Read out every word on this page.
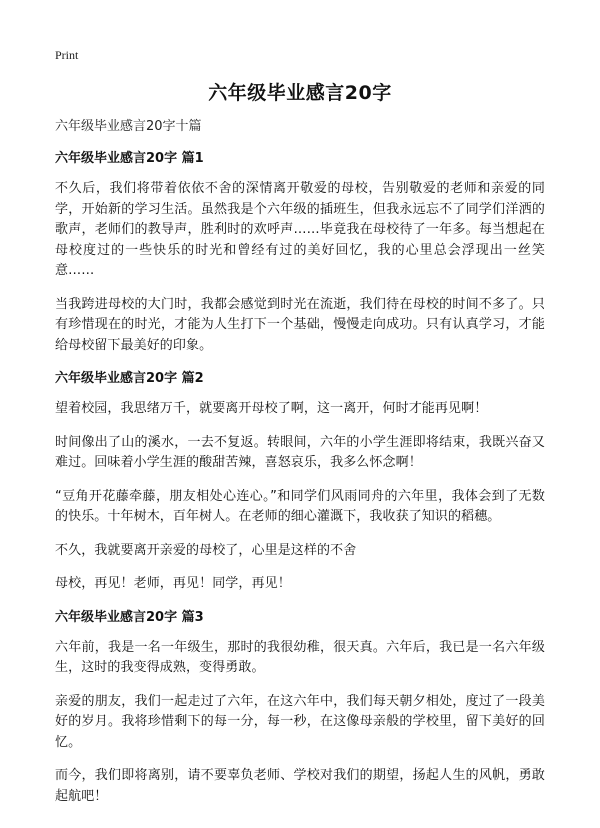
Print
六年级毕业感言20字
六年级毕业感言20字十篇
六年级毕业感言20字 篇1

不久后，我们将带着依依不舍的深情离开敬爱的母校，告别敬爱的老师和亲爱的同学，开始新的学习生活。虽然我是个六年级的插班生，但我永远忘不了同学们洋洒的歌声，老师们的教导声，胜利时的欢呼声……毕竟我在母校待了一年多。每当想起在母校度过的一些快乐的时光和曾经有过的美好回忆，我的心里总会浮现出一丝笑意……

当我跨进母校的大门时，我都会感觉到时光在流逝，我们待在母校的时间不多了。只有珍惜现在的时光，才能为人生打下一个基础，慢慢走向成功。只有认真学习，才能给母校留下最美好的印象。

六年级毕业感言20字 篇2

望着校园，我思绪万千，就要离开母校了啊，这一离开，何时才能再见啊！

时间像出了山的溪水，一去不复返。转眼间，六年的小学生涯即将结束，我既兴奋又难过。回味着小学生涯的酸甜苦辣，喜怒哀乐，我多么怀念啊！

“豆角开花藤牵藤，朋友相处心连心。”和同学们风雨同舟的六年里，我体会到了无数的快乐。十年树木，百年树人。在老师的细心灌溉下，我收获了知识的稻穗。

不久，我就要离开亲爱的母校了，心里是这样的不舍

母校，再见！老师，再见！同学，再见！

六年级毕业感言20字 篇3

六年前，我是一名一年级生，那时的我很幼稚，很天真。六年后，我已是一名六年级生，这时的我变得成熟，变得勇敢。

亲爱的朋友，我们一起走过了六年，在这六年中，我们每天朝夕相处，度过了一段美好的岁月。我将珍惜剩下的每一分，每一秒，在这像母亲般的学校里，留下美好的回忆。

而今，我们即将离别，请不要辜负老师、学校对我们的期望，扬起人生的风帆，勇敢起航吧！
